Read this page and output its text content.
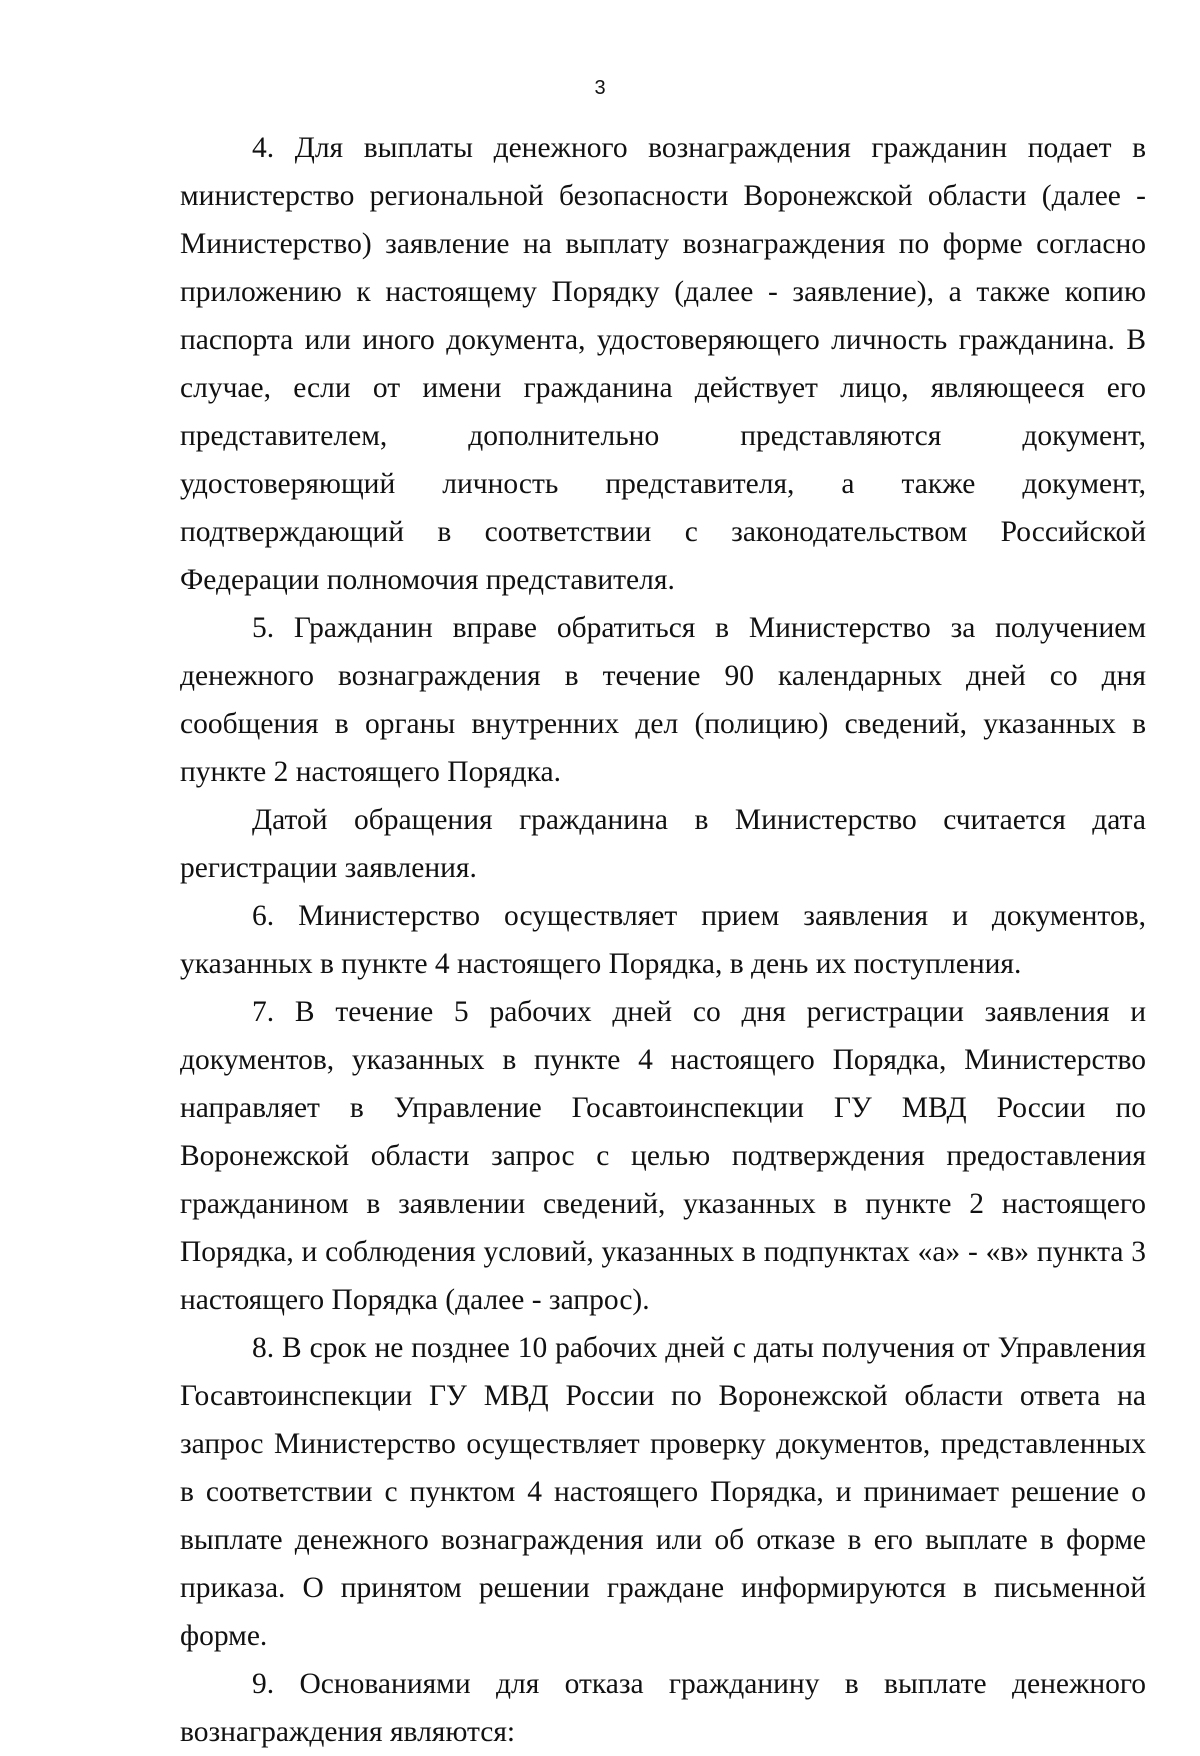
3

4. Для выплаты денежного вознаграждения гражданин подает в министерство региональной безопасности Воронежской области (далее - Министерство) заявление на выплату вознаграждения по форме согласно приложению к настоящему Порядку (далее - заявление), а также копию паспорта или иного документа, удостоверяющего личность гражданина. В случае, если от имени гражданина действует лицо, являющееся его представителем, дополнительно представляются документ, удостоверяющий личность представителя, а также документ, подтверждающий в соответствии с законодательством Российской Федерации полномочия представителя.

5. Гражданин вправе обратиться в Министерство за получением денежного вознаграждения в течение 90 календарных дней со дня сообщения в органы внутренних дел (полицию) сведений, указанных в пункте 2 настоящего Порядка.

Датой обращения гражданина в Министерство считается дата регистрации заявления.

6. Министерство осуществляет прием заявления и документов, указанных в пункте 4 настоящего Порядка, в день их поступления.

7. В течение 5 рабочих дней со дня регистрации заявления и документов, указанных в пункте 4 настоящего Порядка, Министерство направляет в Управление Госавтоинспекции ГУ МВД России по Воронежской области запрос с целью подтверждения предоставления гражданином в заявлении сведений, указанных в пункте 2 настоящего Порядка, и соблюдения условий, указанных в подпунктах «а» - «в» пункта 3 настоящего Порядка (далее - запрос).

8. В срок не позднее 10 рабочих дней с даты получения от Управления Госавтоинспекции ГУ МВД России по Воронежской области ответа на запрос Министерство осуществляет проверку документов, представленных в соответствии с пунктом 4 настоящего Порядка, и принимает решение о выплате денежного вознаграждения или об отказе в его выплате в форме приказа. О принятом решении граждане информируются в письменной форме.

9. Основаниями для отказа гражданину в выплате денежного вознаграждения являются:
